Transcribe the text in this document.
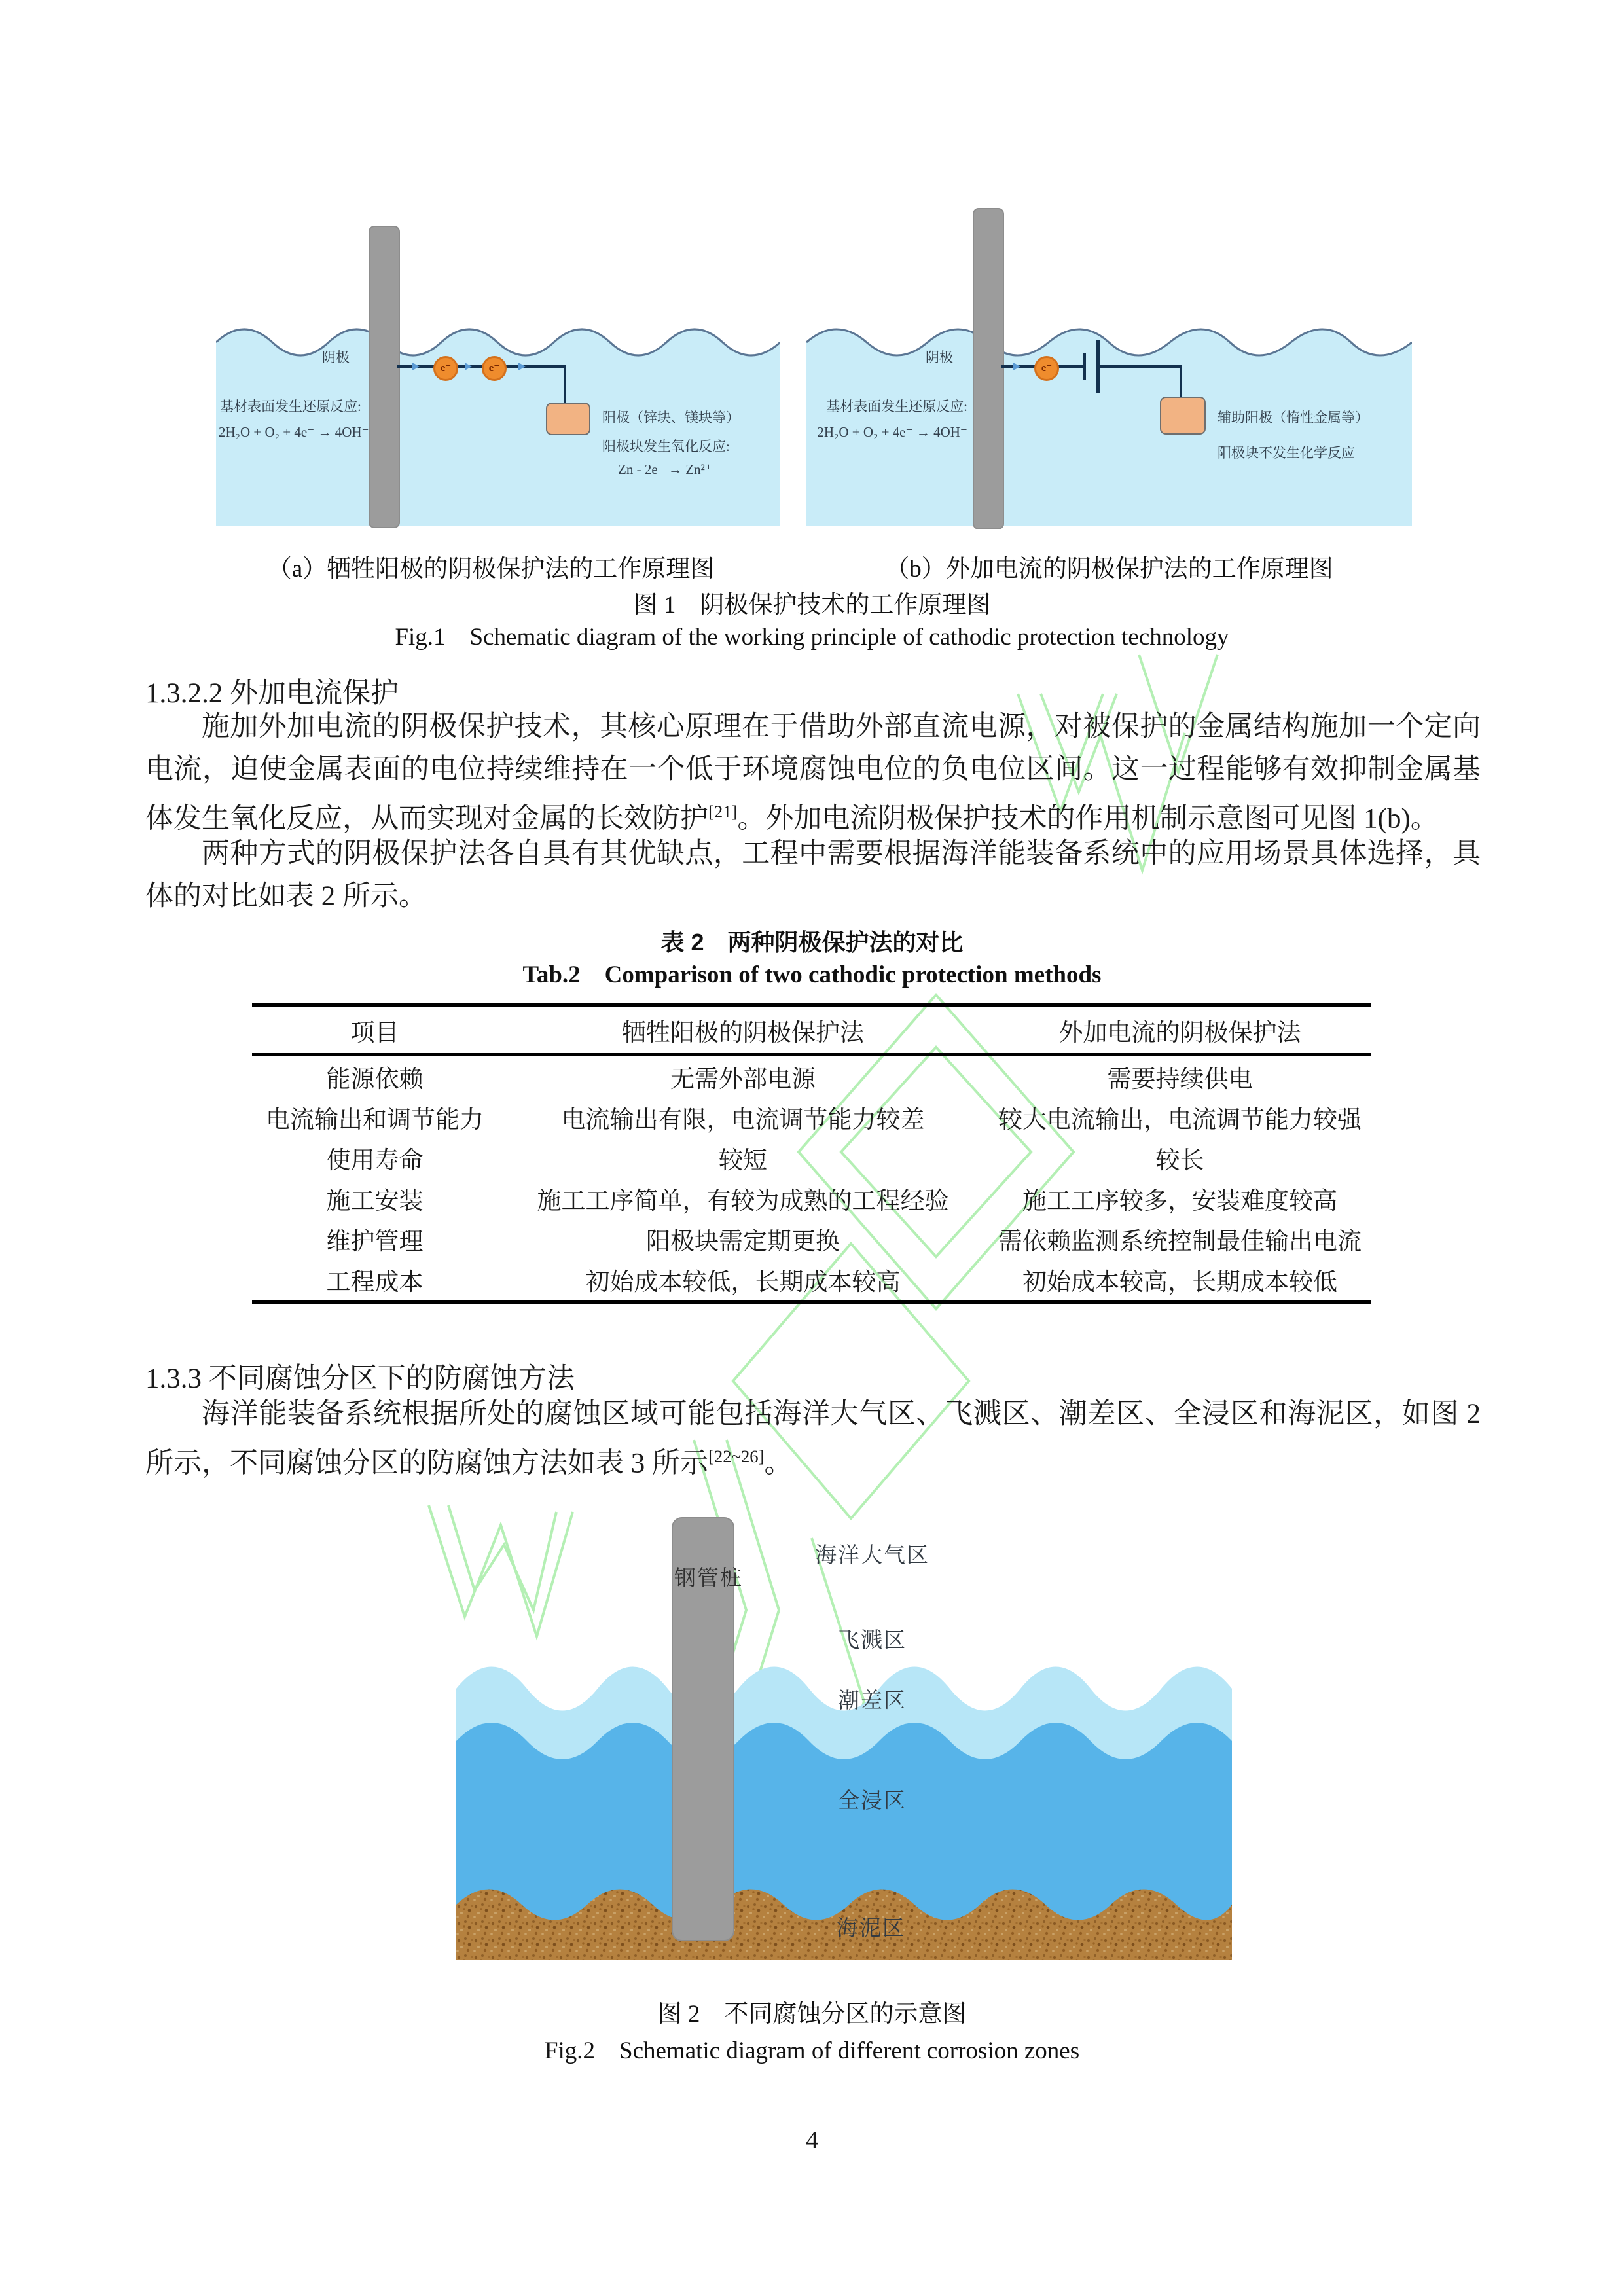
e⁻	e⁻
阴极
基材表面发生还原反应:
2H₂O + O₂ + 4e⁻ → 4OH⁻
阳极（锌块、镁块等）
阳极块发生氧化反应:
Zn - 2e⁻ → Zn²⁺
e⁻
阴极
基材表面发生还原反应:
2H₂O + O₂ + 4e⁻ → 4OH⁻
辅助阳极（惰性金属等）
阳极块不发生化学反应
（a）牺牲阳极的阴极保护法的工作原理图	（b）外加电流的阴极保护法的工作原理图
图 1　阴极保护技术的工作原理图
Fig.1    Schematic diagram of the working principle of cathodic protection technology
1.3.2.2 外加电流保护

施加外加电流的阴极保护技术，其核心原理在于借助外部直流电源，对被保护的金属结构施加一个定向电流，迫使金属表面的电位持续维持在一个低于环境腐蚀电位的负电位区间。这一过程能够有效抑制金属基体发生氧化反应，从而实现对金属的长效防护[21]。外加电流阴极保护技术的作用机制示意图可见图 1(b)。

两种方式的阴极保护法各自具有其优缺点，工程中需要根据海洋能装备系统中的应用场景具体选择，具体的对比如表 2 所示。

表 2　两种阴极保护法的对比
Tab.2    Comparison of two cathodic protection methods
项目	牺牲阳极的阴极保护法	外加电流的阴极保护法
能源依赖	无需外部电源	需要持续供电
电流输出和调节能力	电流输出有限，电流调节能力较差	较大电流输出，电流调节能力较强
使用寿命	较短	较长
施工安装	施工工序简单，有较为成熟的工程经验	施工工序较多，安装难度较高
维护管理	阳极块需定期更换	需依赖监测系统控制最佳输出电流
工程成本	初始成本较低，长期成本较高	初始成本较高，长期成本较低
1.3.3 不同腐蚀分区下的防腐蚀方法

海洋能装备系统根据所处的腐蚀区域可能包括海洋大气区、飞溅区、潮差区、全浸区和海泥区，如图 2 所示，不同腐蚀分区的防腐蚀方法如表 3 所示[22~26]。

钢管桩
海洋大气区
飞溅区
潮差区
全浸区
海泥区
图 2　不同腐蚀分区的示意图
Fig.2    Schematic diagram of different corrosion zones
4
